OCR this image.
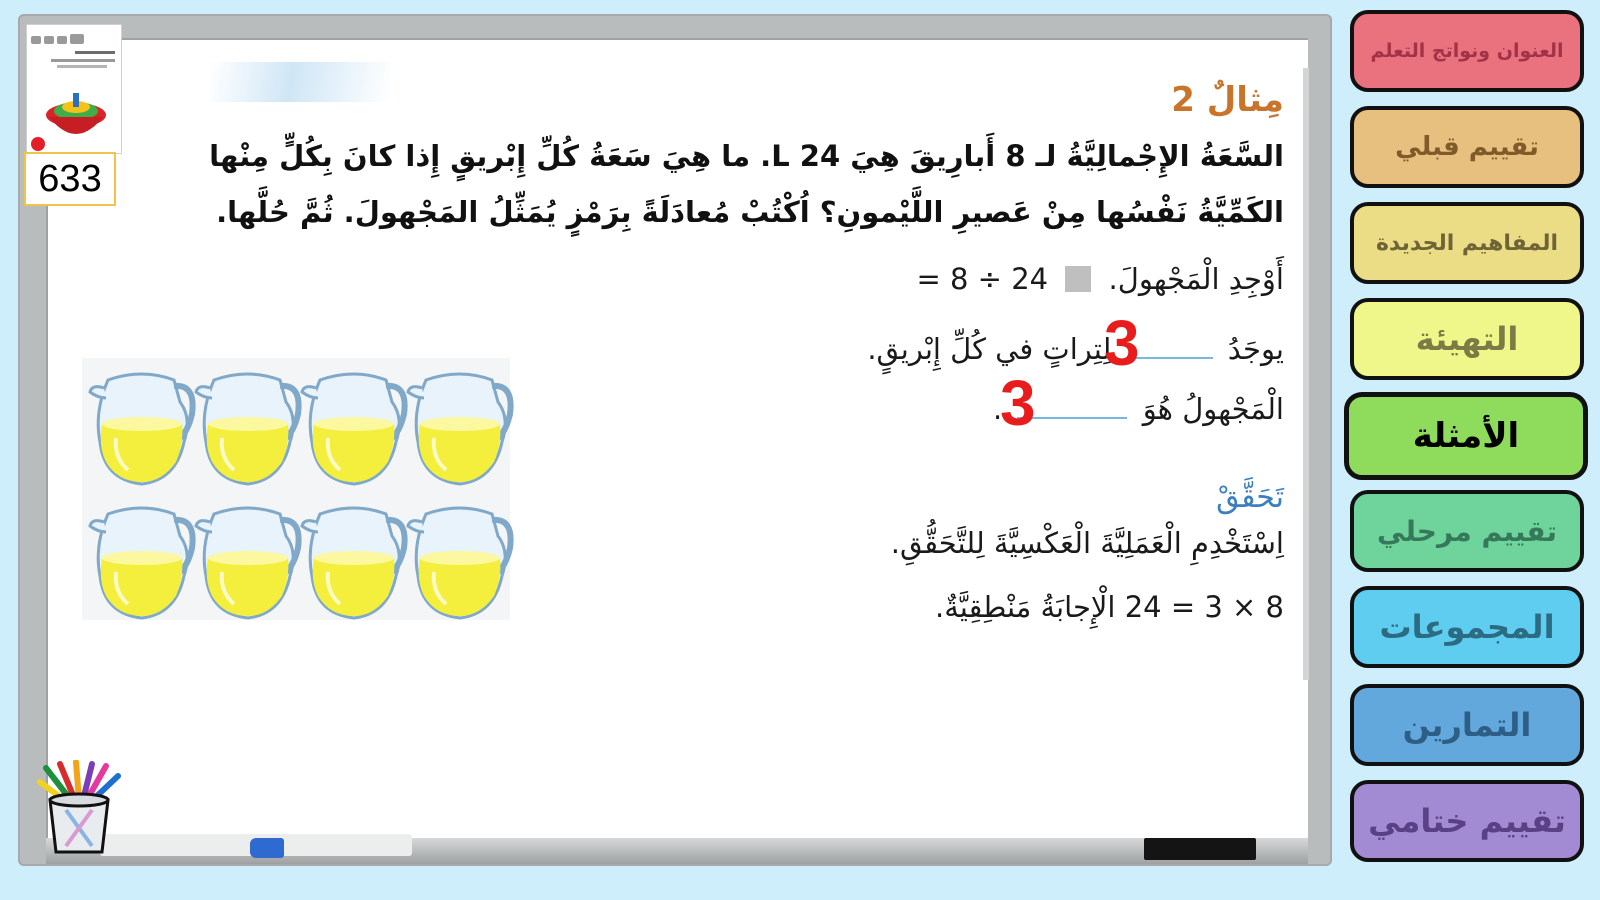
633
مِثالٌ 2
السَّعَةُ الإِجْمالِيَّةُ لـ 8 أَبارِيقَ هِيَ 24 L. ما هِيَ سَعَةُ كُلِّ إِبْريقٍ إِذا كانَ بِكُلٍّ مِنْها الكَمِّيَّةُ نَفْسُها مِنْ عَصيرِ اللَّيْمونِ؟ اُكْتُبْ مُعادَلَةً بِرَمْزٍ يُمَثِّلُ المَجْهولَ. ثُمَّ حُلَّها.
أَوْجِدِ الْمَجْهولَ.  = 8 ÷ 24
يوجَدُ  لِتِراتٍ في كُلِّ إِبْريقٍ.
3
الْمَجْهولُ هُوَ  .
3
تَحَقَّقْ
اِسْتَخْدِمِ الْعَمَلِيَّةَ الْعَكْسِيَّةَ لِلتَّحَقُّقِ.
24 = 3 × 8 الْإِجابَةُ مَنْطِقِيَّةٌ.
العنوان ونواتج التعلم
تقييم قبلي
المفاهيم الجديدة
التهيئة
الأمثلة
تقييم مرحلي
المجموعات
التمارين
تقييم ختامي
